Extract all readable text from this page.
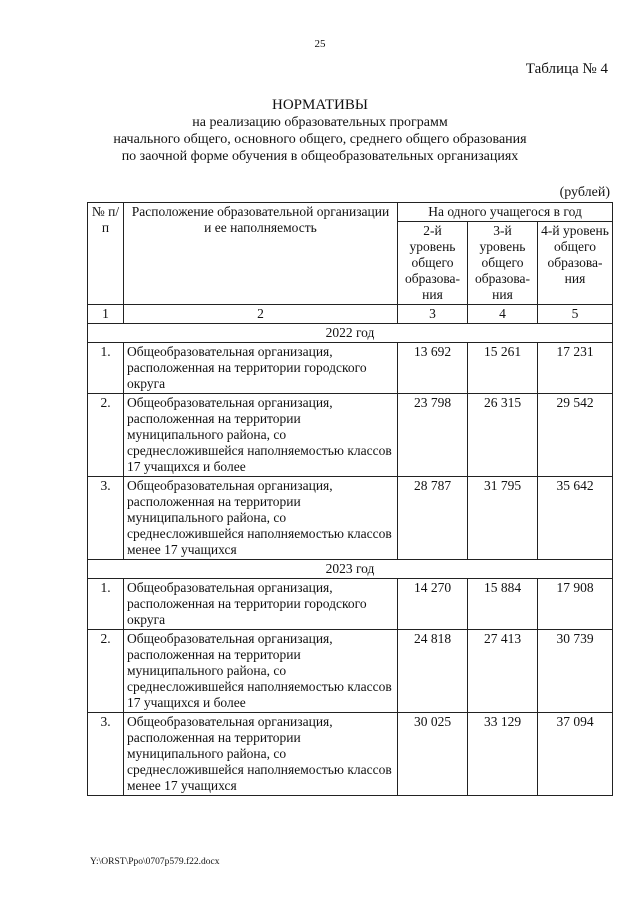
25
Таблица № 4
НОРМАТИВЫ
на реализацию образовательных программ
начального общего, основного общего, среднего общего образования
по заочной форме обучения в общеобразовательных организациях
(рублей)
№ п/п	Расположение образовательной организации и ее наполняемость	На одного учащегося в год		
		2-й уровень общего образова-ния	3-й уровень общего образова-ния	4-й уровень общего образова-ния
1	2	3	4	5
2022 год				
1.	Общеобразовательная организация, расположенная на территории городского округа	13 692	15 261	17 231
2.	Общеобразовательная организация, расположенная на территории муниципального района, со среднесложившейся наполняемостью классов 17 учащихся и более	23 798	26 315	29 542
3.	Общеобразовательная организация, расположенная на территории муниципального района, со среднесложившейся наполняемостью классов менее 17 учащихся	28 787	31 795	35 642
2023 год				
1.	Общеобразовательная организация, расположенная на территории городского округа	14 270	15 884	17 908
2.	Общеобразовательная организация, расположенная на территории муниципального района, со среднесложившейся наполняемостью классов 17 учащихся и более	24 818	27 413	30 739
3.	Общеобразовательная организация, расположенная на территории муниципального района, со среднесложившейся наполняемостью классов менее 17 учащихся	30 025	33 129	37 094
Y:\ORST\Ppo\0707p579.f22.docx
